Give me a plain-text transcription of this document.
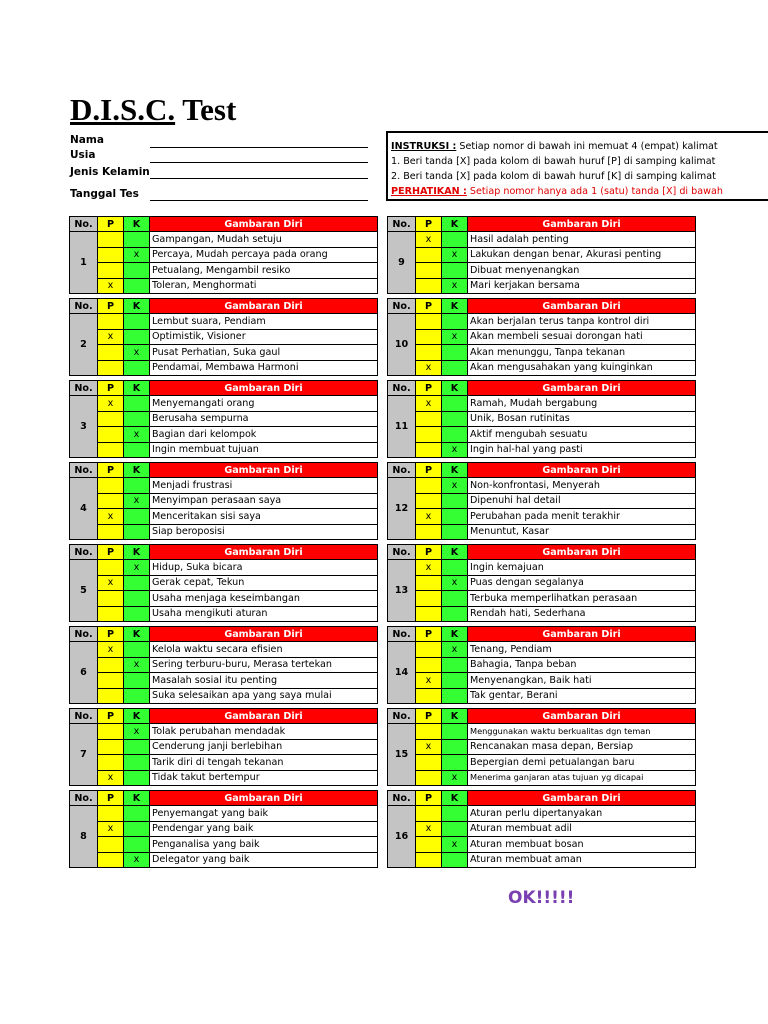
D.I.S.C. Test
Nama
Usia
Jenis Kelamin
Tanggal Tes
INSTRUKSI : Setiap nomor di bawah ini memuat 4 (empat) kalimat
1. Beri tanda [X] pada kolom di bawah huruf [P] di samping kalimat
2. Beri tanda [X] pada kolom di bawah huruf [K] di samping kalimat
PERHATIKAN : Setiap nomor hanya ada 1 (satu) tanda [X] di bawah
No.	P	K	Gambaran Diri
1			Gampangan, Mudah setuju
		x	Percaya, Mudah percaya pada orang
			Petualang, Mengambil resiko
	x		Toleran, Menghormati
No.	P	K	Gambaran Diri
2			Lembut suara, Pendiam
	x		Optimistik, Visioner
		x	Pusat Perhatian, Suka gaul
			Pendamai, Membawa Harmoni
No.	P	K	Gambaran Diri
3	x		Menyemangati orang
			Berusaha sempurna
		x	Bagian dari kelompok
			Ingin membuat tujuan
No.	P	K	Gambaran Diri
4			Menjadi frustrasi
		x	Menyimpan perasaan saya
	x		Menceritakan sisi saya
			Siap beroposisi
No.	P	K	Gambaran Diri
5		x	Hidup, Suka bicara
	x		Gerak cepat, Tekun
			Usaha menjaga keseimbangan
			Usaha mengikuti aturan
No.	P	K	Gambaran Diri
6	x		Kelola waktu secara efisien
		x	Sering terburu-buru, Merasa tertekan
			Masalah sosial itu penting
			Suka selesaikan apa yang saya mulai
No.	P	K	Gambaran Diri
7		x	Tolak perubahan mendadak
			Cenderung janji berlebihan
			Tarik diri di tengah tekanan
	x		Tidak takut bertempur
No.	P	K	Gambaran Diri
8			Penyemangat yang baik
	x		Pendengar yang baik
			Penganalisa yang baik
		x	Delegator yang baik
No.	P	K	Gambaran Diri
9	x		Hasil adalah penting
		x	Lakukan dengan benar, Akurasi penting
			Dibuat menyenangkan
		x	Mari kerjakan bersama
No.	P	K	Gambaran Diri
10			Akan berjalan terus tanpa kontrol diri
		x	Akan membeli sesuai dorongan hati
			Akan menunggu, Tanpa tekanan
	x		Akan mengusahakan yang kuinginkan
No.	P	K	Gambaran Diri
11	x		Ramah, Mudah bergabung
			Unik, Bosan rutinitas
			Aktif mengubah sesuatu
		x	Ingin hal-hal yang pasti
No.	P	K	Gambaran Diri
12		x	Non-konfrontasi, Menyerah
			Dipenuhi hal detail
	x		Perubahan pada menit terakhir
			Menuntut, Kasar
No.	P	K	Gambaran Diri
13	x		Ingin kemajuan
		x	Puas dengan segalanya
			Terbuka memperlihatkan perasaan
			Rendah hati, Sederhana
No.	P	K	Gambaran Diri
14		x	Tenang, Pendiam
			Bahagia, Tanpa beban
	x		Menyenangkan, Baik hati
			Tak gentar, Berani
No.	P	K	Gambaran Diri
15			Menggunakan waktu berkualitas dgn teman
	x		Rencanakan masa depan, Bersiap
			Bepergian demi petualangan baru
		x	Menerima ganjaran atas tujuan yg dicapai
No.	P	K	Gambaran Diri
16			Aturan perlu dipertanyakan
	x		Aturan membuat adil
		x	Aturan membuat bosan
			Aturan membuat aman
OK!!!!!
